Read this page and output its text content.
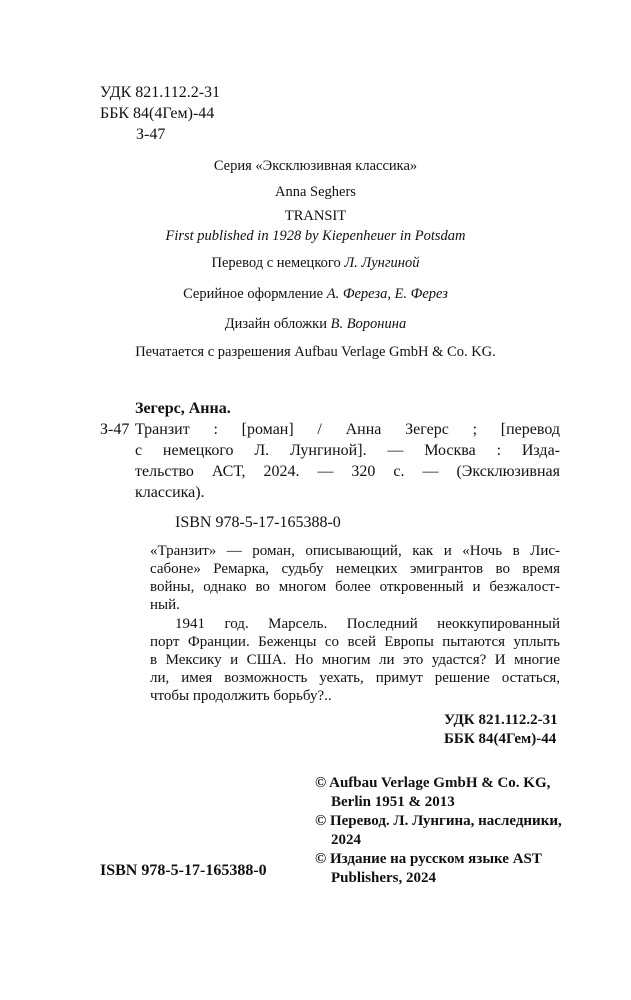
УДК 821.112.2-31
ББК 84(4Гем)-44
З-47
Серия «Эксклюзивная классика»
Anna Seghers
TRANSIT
First published in 1928 by Kiepenheuer in Potsdam
Перевод с немецкого Л. Лунгиной
Серийное оформление А. Фереза, Е. Ферез
Дизайн обложки В. Воронина
Печатается с разрешения Aufbau Verlage GmbH & Co. KG.
Зегерс, Анна.
З-47 Транзит : [роман] / Анна Зегерс ; [перевод
с немецкого Л. Лунгиной]. — Москва : Изда-
тельство АСТ, 2024. — 320 с. — (Эксклюзивная
классика).
ISBN 978-5-17-165388-0
«Транзит» — роман, описывающий, как и «Ночь в Лис-
сабоне» Ремарка, судьбу немецких эмигрантов во время
войны, однако во многом более откровенный и безжалост-
ный.
1941 год. Марсель. Последний неоккупированный
порт Франции. Беженцы со всей Европы пытаются уплыть
в Мексику и США. Но многим ли это удастся? И многие
ли, имея возможность уехать, примут решение остаться,
чтобы продолжить борьбу?..
УДК 821.112.2-31
ББК 84(4Гем)-44
© Aufbau Verlage GmbH & Co. KG,
Berlin 1951 & 2013
© Перевод. Л. Лунгина, наследники,
2024
© Издание на русском языке AST
Publishers, 2024
ISBN 978-5-17-165388-0
